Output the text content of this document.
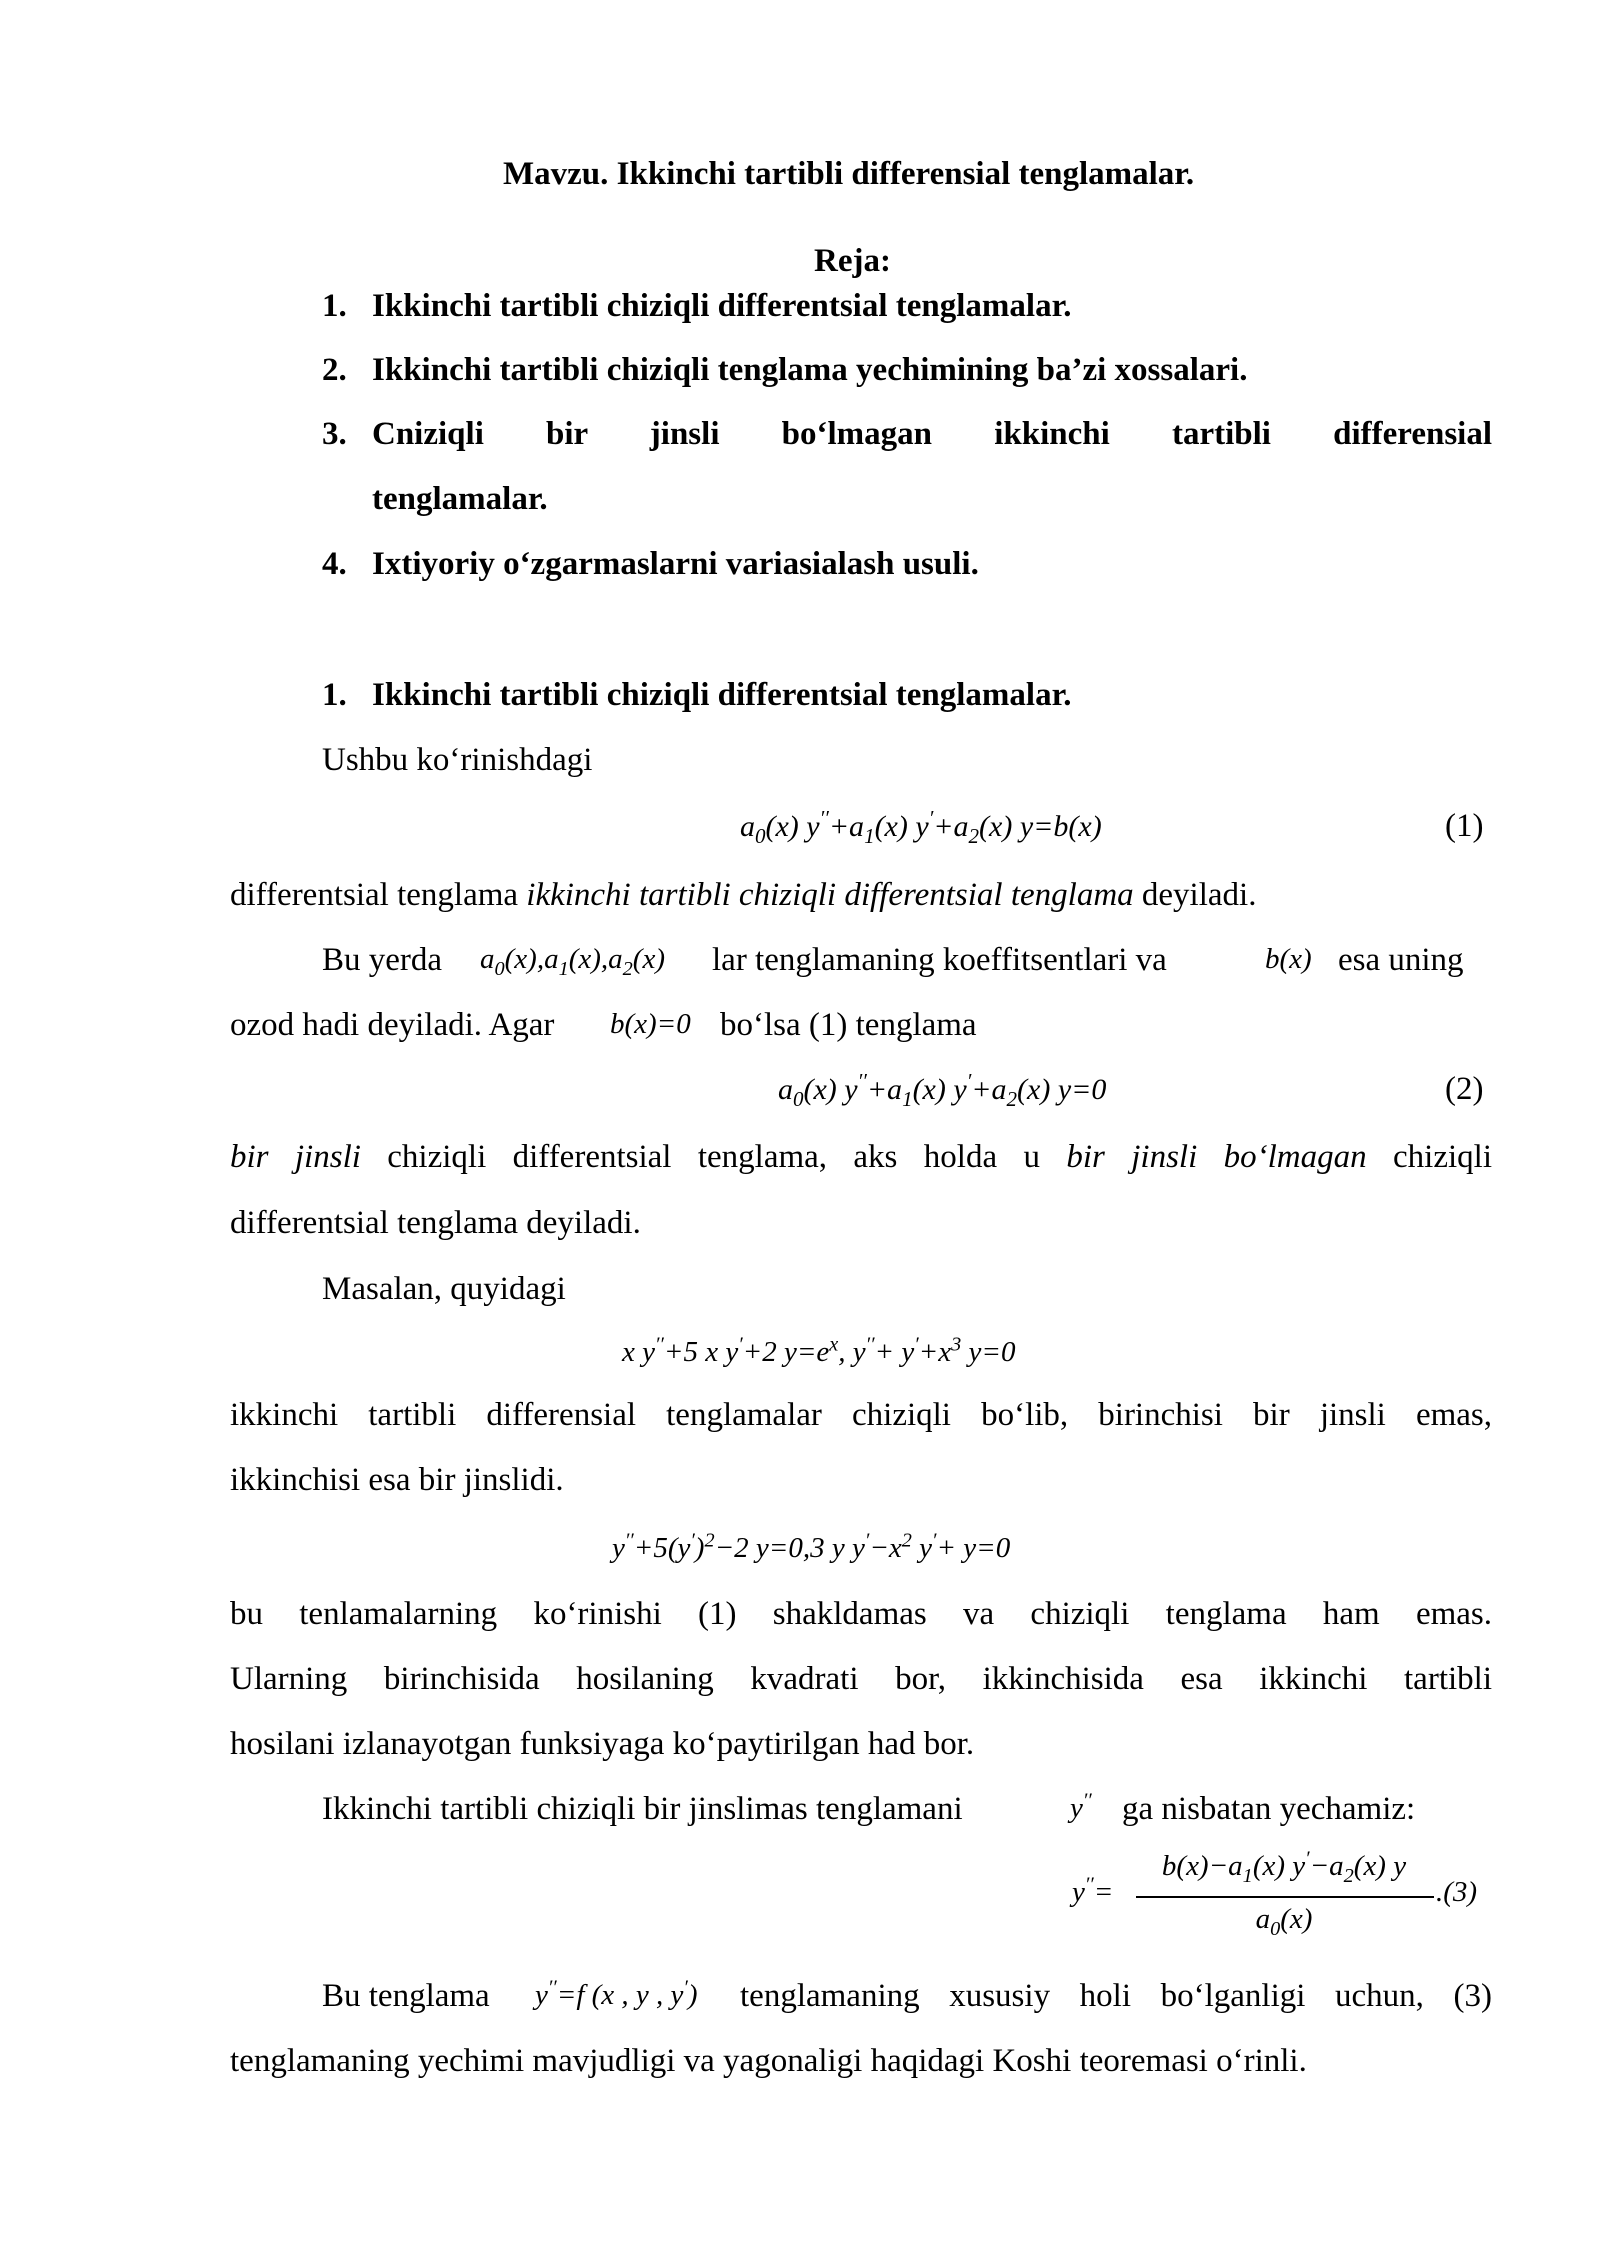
Mavzu. Ikkinchi tartibli differensial tenglamalar.
Reja:
1. Ikkinchi tartibli chiziqli differentsial tenglamalar.
2. Ikkinchi tartibli chiziqli tenglama yechimining ba’zi xossalari.
3. Cniziqli bir jinsli bo‘lmagan ikkinchi tartibli differensial
tenglamalar.
4. Ixtiyoriy o‘zgarmaslarni variasialash usuli.
1. Ikkinchi tartibli chiziqli differentsial tenglamalar.
Ushbu ko‘rinishdagi
$a_0(x)$ $y''+a_1(x)$ $y'+a_2(x)$ y=b(x)	(1)
differentsial tenglama ikkinchi tartibli chiziqli differentsial tenglama deyiladi.
Bu yerda $a_0(x),a_1(x),a_2(x)$ lar tenglamaning koeffitsentlari va	b(x) esa uning
ozod hadi deyiladi. Agar b(x)=0 bo‘lsa (1) tenglama
$a_0(x)$ $y''+a_1(x)$ $y'+a_2(x)$ y=0	(2)
bir jinsli chiziqli differentsial tenglama, aks holda u bir jinsli bo‘lmagan chiziqli
differentsial tenglama deyiladi.
Masalan, quyidagi
x y′′+5 x y′+2 $y=e^x$, $y''+ y'+x^3$ y=0
ikkinchi tartibli differensial tenglamalar chiziqli bo‘lib, birinchisi bir jinsli emas,
ikkinchisi esa bir jinslidi.
$y''+5(y')^2-2$ y=0,3 y $y'-x^2$ y′+ y=0
bu tenlamalarning ko‘rinishi (1) shakldamas va chiziqli tenglama ham emas.
Ularning birinchisida hosilaning kvadrati bor, ikkinchisida esa ikkinchi tartibli
hosilani izlanayotgan funksiyaga ko‘paytirilgan had bor.
Ikkinchi tartibli chiziqli bir jinslimas tenglamani	y′′ ga nisbatan yechamiz:
y′′=
$b(x)-a_1(x)$ $y'-a_2(x)$ y
$a_0(x)$
.(3)
Bu tenglama y′′=f (x , y , y′) tenglamaning xususiy holi bo‘lganligi uchun, (3)
tenglamaning yechimi mavjudligi va yagonaligi haqidagi Koshi teoremasi o‘rinli.
